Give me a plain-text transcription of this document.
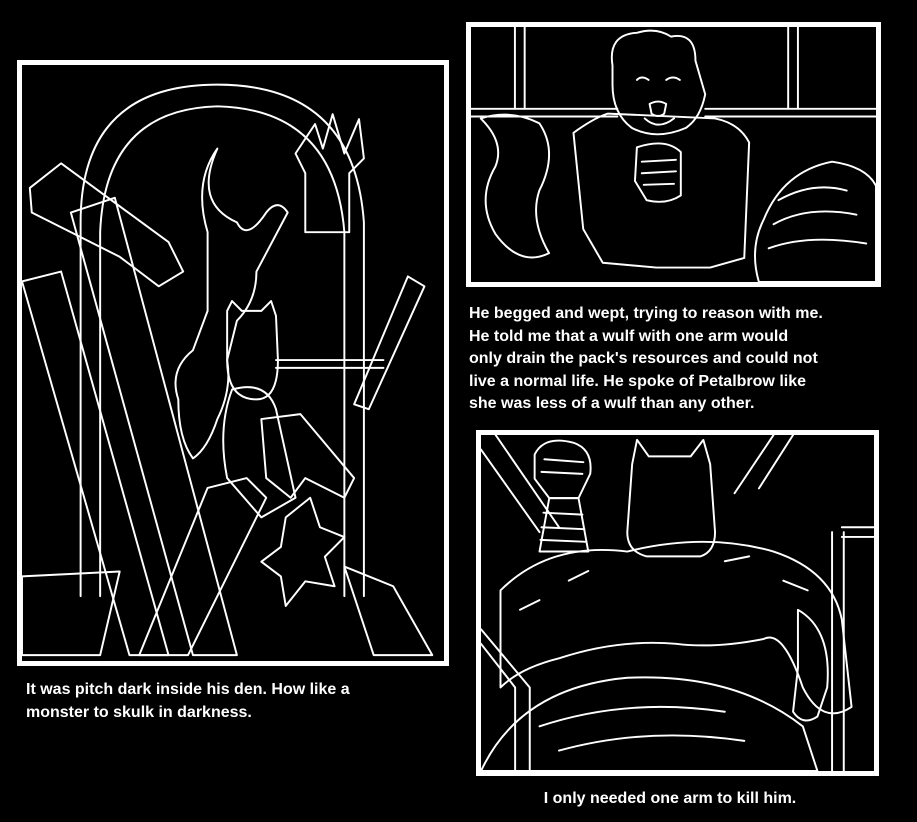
It was pitch dark inside his den. How like a
monster to skulk in darkness.
He begged and wept, trying to reason with me.
He told me that a wulf with one arm would
only drain the pack's resources and could not
live a normal life. He spoke of Petalbrow like
she was less of a wulf than any other.
I only needed one arm to kill him.
